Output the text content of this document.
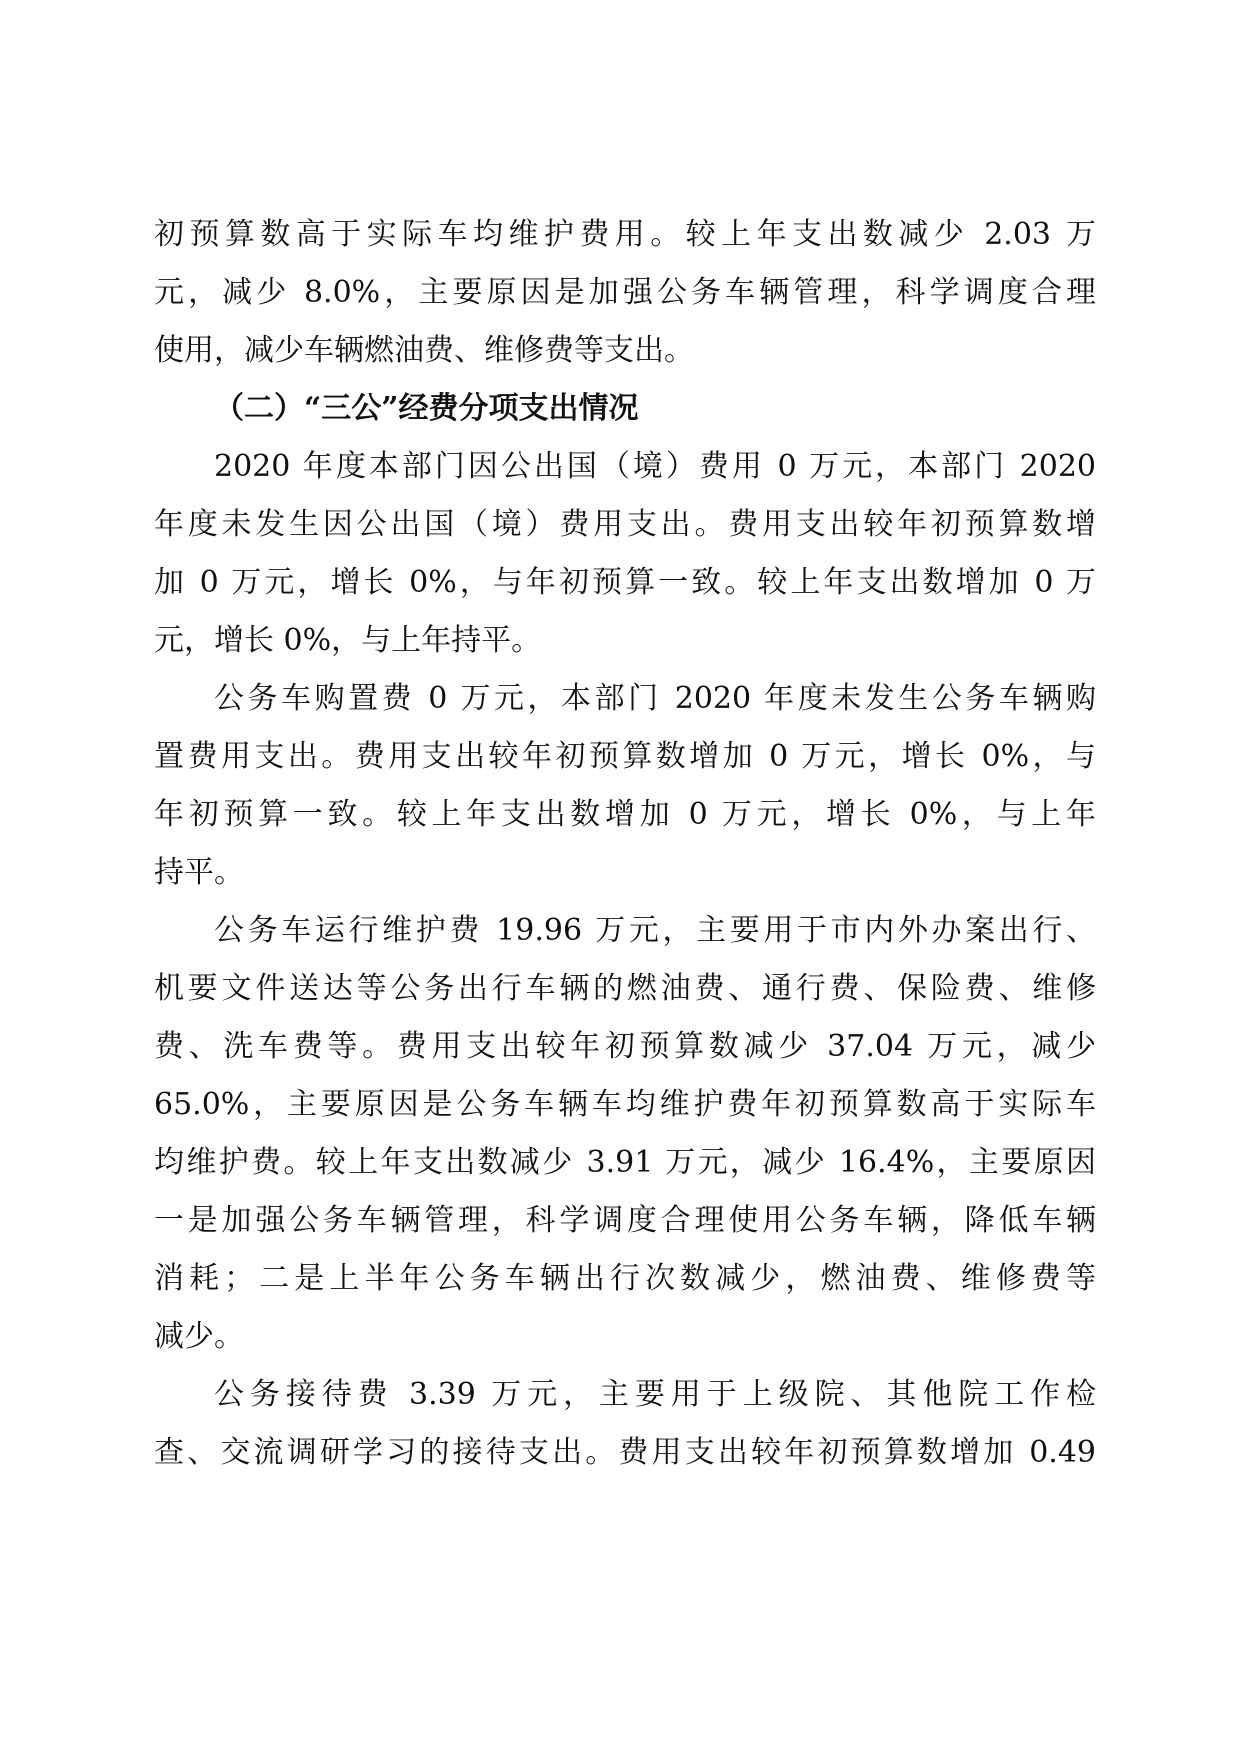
初预算数高于实际车均维护费用。较上年支出数减少 2.03 万
元，减少 8.0%，主要原因是加强公务车辆管理，科学调度合理
使用，减少车辆燃油费、维修费等支出。
（二）“三公”经费分项支出情况
2020 年度本部门因公出国（境）费用 0 万元，本部门 2020
年度未发生因公出国（境）费用支出。费用支出较年初预算数增
加 0 万元，增长 0%，与年初预算一致。较上年支出数增加 0 万
元，增长 0%，与上年持平。
公务车购置费 0 万元，本部门 2020 年度未发生公务车辆购
置费用支出。费用支出较年初预算数增加 0 万元，增长 0%，与
年初预算一致。较上年支出数增加 0 万元，增长 0%，与上年
持平。
公务车运行维护费 19.96 万元，主要用于市内外办案出行、
机要文件送达等公务出行车辆的燃油费、通行费、保险费、维修
费、洗车费等。费用支出较年初预算数减少 37.04 万元，减少
65.0%，主要原因是公务车辆车均维护费年初预算数高于实际车
均维护费。较上年支出数减少 3.91 万元，减少 16.4%，主要原因
一是加强公务车辆管理，科学调度合理使用公务车辆，降低车辆
消耗；二是上半年公务车辆出行次数减少，燃油费、维修费等
减少。
公务接待费 3.39 万元，主要用于上级院、其他院工作检
查、交流调研学习的接待支出。费用支出较年初预算数增加 0.49
